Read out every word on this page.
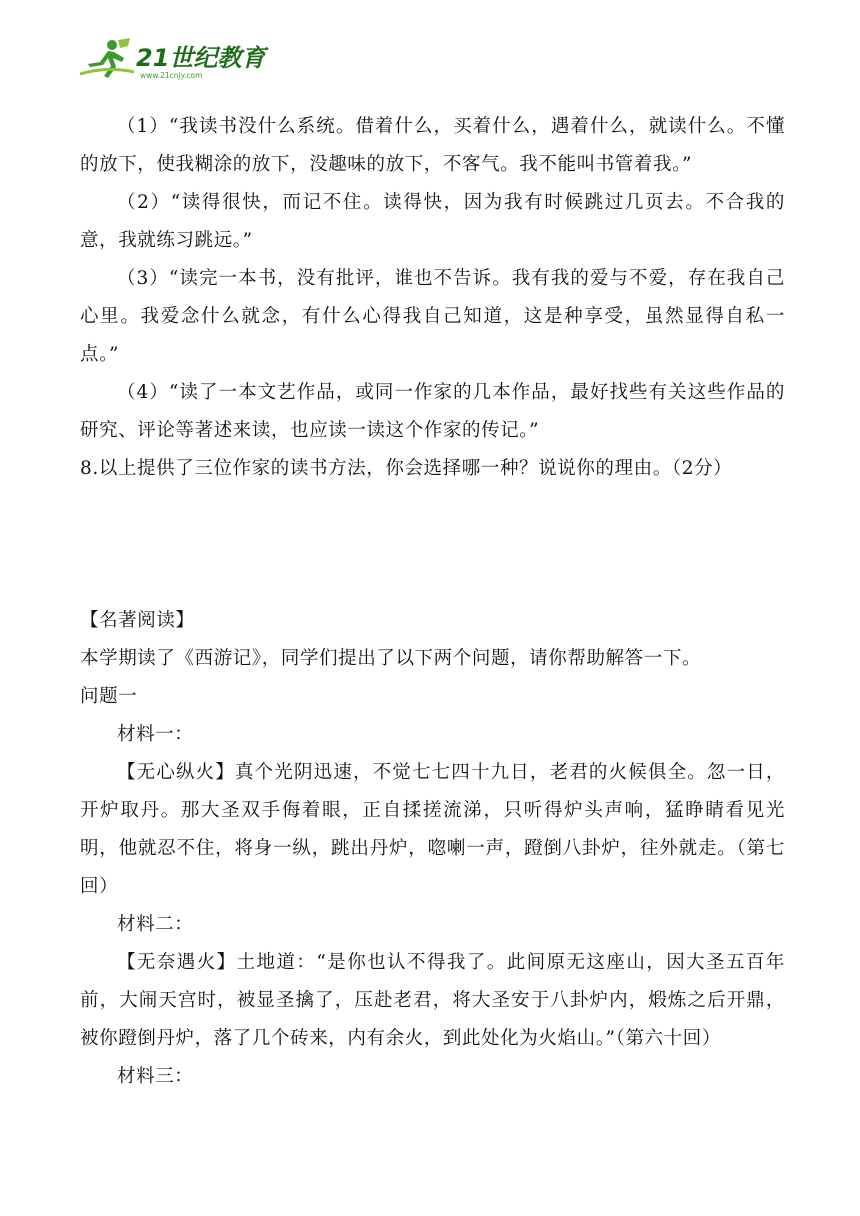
21世纪教育
www.21cnjy.com

（1）“我读书没什么系统。借着什么，买着什么，遇着什么，就读什么。不懂的放下，使我糊涂的放下，没趣味的放下，不客气。我不能叫书管着我。”

（2）“读得很快，而记不住。读得快，因为我有时候跳过几页去。不合我的意，我就练习跳远。”

（3）“读完一本书，没有批评，谁也不告诉。我有我的爱与不爱，存在我自己心里。我爱念什么就念，有什么心得我自己知道，这是种享受，虽然显得自私一点。”

（4）“读了一本文艺作品，或同一作家的几本作品，最好找些有关这些作品的研究、评论等著述来读，也应读一读这个作家的传记。”

8.以上提供了三位作家的读书方法，你会选择哪一种？说说你的理由。（2分）

【名著阅读】

本学期读了《西游记》，同学们提出了以下两个问题，请你帮助解答一下。

问题一

材料一：

【无心纵火】真个光阴迅速，不觉七七四十九日，老君的火候俱全。忽一日，开炉取丹。那大圣双手侮着眼，正自揉搓流涕，只听得炉头声响，猛睁睛看见光明，他就忍不住，将身一纵，跳出丹炉，唿喇一声，蹬倒八卦炉，往外就走。（第七回）

材料二：

【无奈遇火】土地道：“是你也认不得我了。此间原无这座山，因大圣五百年前，大闹天宫时，被显圣擒了，压赴老君，将大圣安于八卦炉内，煅炼之后开鼎，被你蹬倒丹炉，落了几个砖来，内有余火，到此处化为火焰山。”（第六十回）

材料三：
